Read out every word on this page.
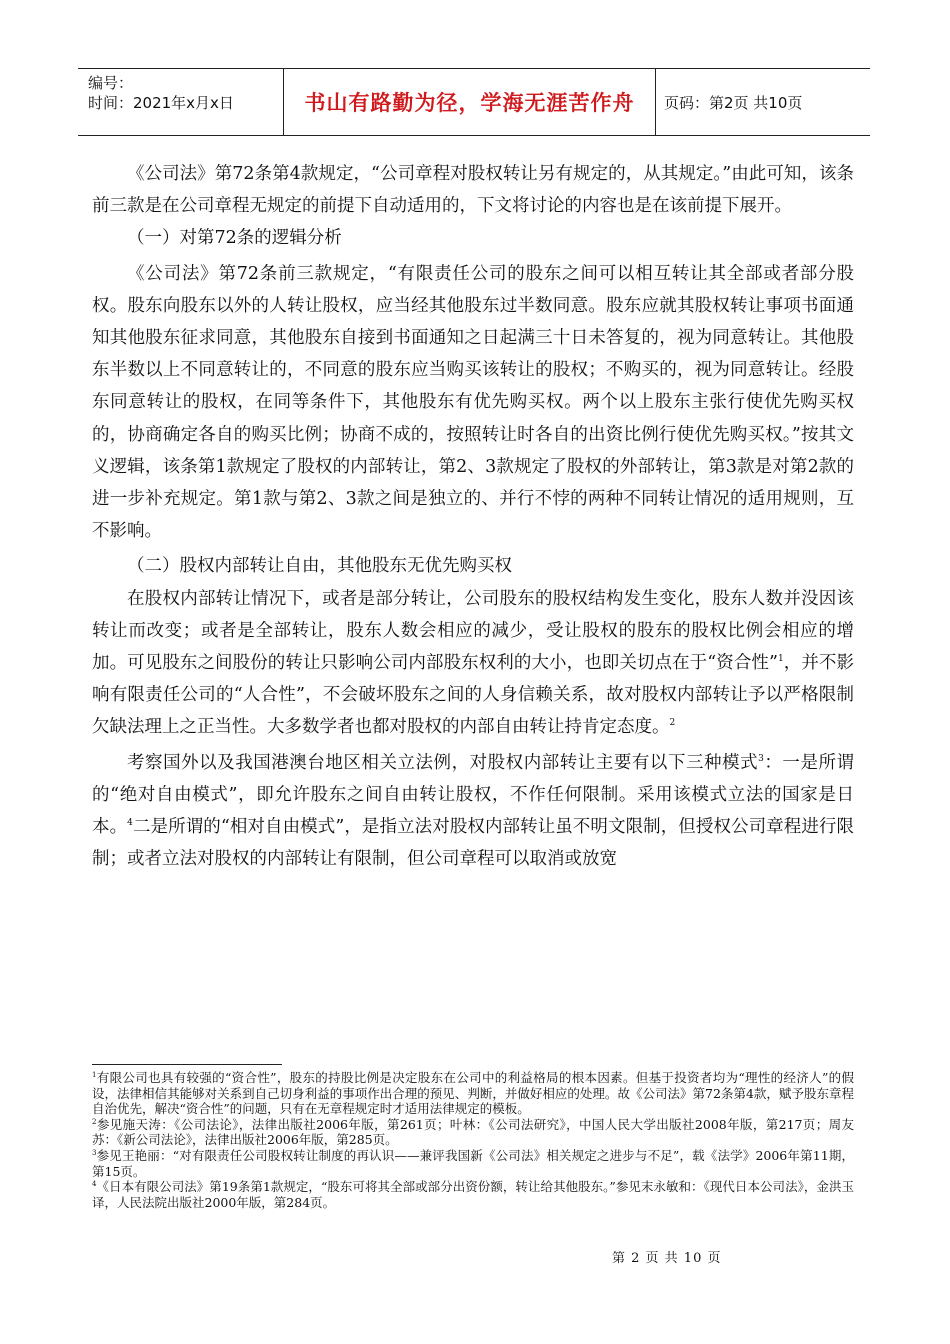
编号：
时间：2021年x月x日	书山有路勤为径，学海无涯苦作舟	页码：第2页 共10页

《公司法》第72条第4款规定，“公司章程对股权转让另有规定的，从其规定。”由此可知，该条前三款是在公司章程无规定的前提下自动适用的，下文将讨论的内容也是在该前提下展开。

（一）对第72条的逻辑分析

《公司法》第72条前三款规定，“有限责任公司的股东之间可以相互转让其全部或者部分股权。股东向股东以外的人转让股权，应当经其他股东过半数同意。股东应就其股权转让事项书面通知其他股东征求同意，其他股东自接到书面通知之日起满三十日未答复的，视为同意转让。其他股东半数以上不同意转让的，不同意的股东应当购买该转让的股权；不购买的，视为同意转让。经股东同意转让的股权，在同等条件下，其他股东有优先购买权。两个以上股东主张行使优先购买权的，协商确定各自的购买比例；协商不成的，按照转让时各自的出资比例行使优先购买权。”按其文义逻辑，该条第1款规定了股权的内部转让，第2、3款规定了股权的外部转让，第3款是对第2款的进一步补充规定。第1款与第2、3款之间是独立的、并行不悖的两种不同转让情况的适用规则，互不影响。

（二）股权内部转让自由，其他股东无优先购买权

在股权内部转让情况下，或者是部分转让，公司股东的股权结构发生变化，股东人数并没因该转让而改变；或者是全部转让，股东人数会相应的减少，受让股权的股东的股权比例会相应的增加。可见股东之间股份的转让只影响公司内部股东权利的大小，也即关切点在于“资合性”$^1$，并不影响有限责任公司的“人合性”，不会破坏股东之间的人身信赖关系，故对股权内部转让予以严格限制欠缺法理上之正当性。大多数学者也都对股权的内部自由转让持肯定态度。$^2$

考察国外以及我国港澳台地区相关立法例，对股权内部转让主要有以下三种模式$^3$：一是所谓的“绝对自由模式”，即允许股东之间自由转让股权，不作任何限制。采用该模式立法的国家是日本。$^4$二是所谓的“相对自由模式”，是指立法对股权内部转让虽不明文限制，但授权公司章程进行限制；或者立法对股权的内部转让有限制，但公司章程可以取消或放宽

$^1$有限公司也具有较强的“资合性”，股东的持股比例是决定股东在公司中的利益格局的根本因素。但基于投资者均为“理性的经济人”的假设，法律相信其能够对关系到自己切身利益的事项作出合理的预见、判断，并做好相应的处理。故《公司法》第72条第4款，赋予股东章程自治优先，解决“资合性”的问题，只有在无章程规定时才适用法律规定的模板。

$^2$参见施天涛：《公司法论》，法律出版社2006年版，第261页；叶林：《公司法研究》，中国人民大学出版社2008年版，第217页；周友苏：《新公司法论》，法律出版社2006年版，第285页。

$^3$参见王艳丽：“对有限责任公司股权转让制度的再认识——兼评我国新《公司法》相关规定之进步与不足”，载《法学》2006年第11期，第15页。

$^4$《日本有限公司法》第19条第1款规定，“股东可将其全部或部分出资份额，转让给其他股东。”参见末永敏和：《现代日本公司法》，金洪玉译，人民法院出版社2000年版，第284页。

第 2 页 共 10 页
